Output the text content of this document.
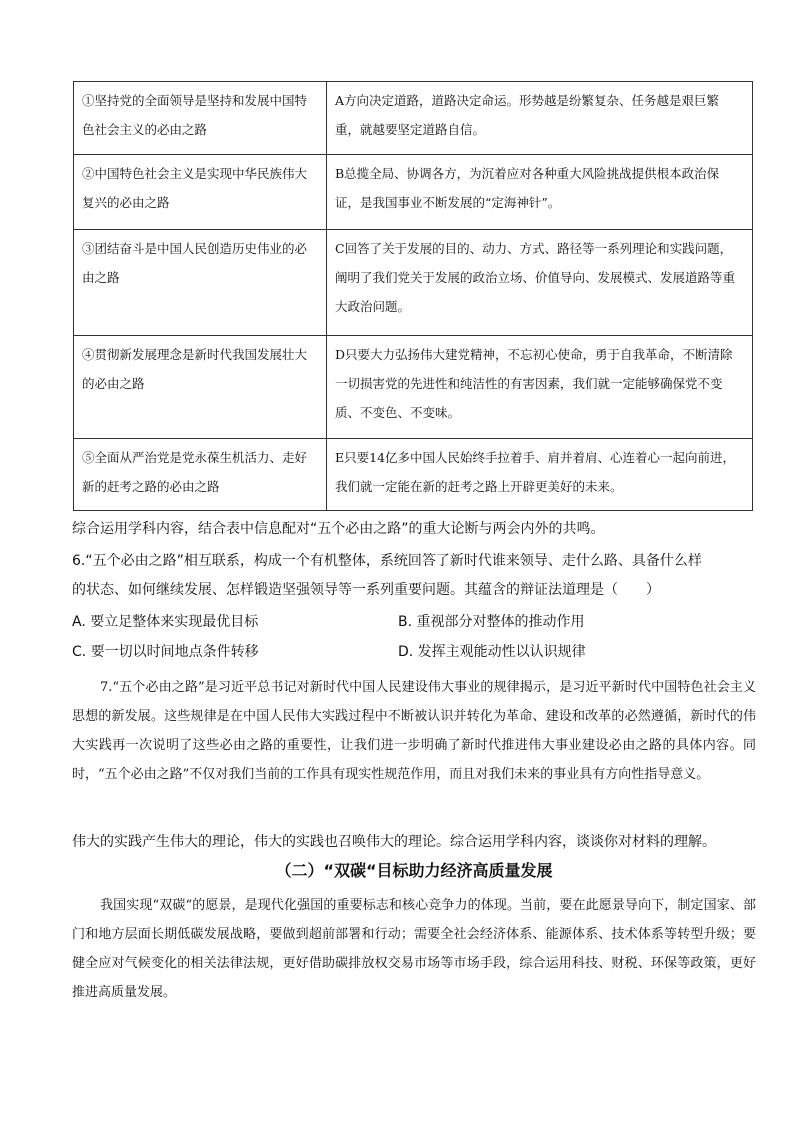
①坚持党的全面领导是坚持和发展中国特色社会主义的必由之路	A方向决定道路，道路决定命运。形势越是纷繁复杂、任务越是艰巨繁重，就越要坚定道路自信。
②中国特色社会主义是实现中华民族伟大复兴的必由之路	B总揽全局、协调各方，为沉着应对各种重大风险挑战提供根本政治保证，是我国事业不断发展的“定海神针”。
③团结奋斗是中国人民创造历史伟业的必由之路	C回答了关于发展的目的、动力、方式、路径等一系列理论和实践问题，阐明了我们党关于发展的政治立场、价值导向、发展模式、发展道路等重大政治问题。
④贯彻新发展理念是新时代我国发展壮大的必由之路	D只要大力弘扬伟大建党精神，不忘初心使命，勇于自我革命，不断清除一切损害党的先进性和纯洁性的有害因素，我们就一定能够确保党不变质、不变色、不变味。
⑤全面从严治党是党永葆生机活力、走好新的赶考之路的必由之路	E只要14亿多中国人民始终手拉着手、肩并着肩、心连着心一起向前进，我们就一定能在新的赶考之路上开辟更美好的未来。
综合运用学科内容，结合表中信息配对“五个必由之路”的重大论断与两会内外的共鸣。
6.“五个必由之路”相互联系，构成一个有机整体，系统回答了新时代谁来领导、走什么路、具备什么样
的状态、如何继续发展、怎样锻造坚强领导等一系列重要问题。其蕴含的辩证法道理是（　　）
A. 要立足整体来实现最优目标	B. 重视部分对整体的推动作用
C. 要一切以时间地点条件转移	D. 发挥主观能动性以认识规律
7.“五个必由之路”是习近平总书记对新时代中国人民建设伟大事业的规律揭示，是习近平新时代中国特色社会主义思想的新发展。这些规律是在中国人民伟大实践过程中不断被认识并转化为革命、建设和改革的必然遵循，新时代的伟大实践再一次说明了这些必由之路的重要性，让我们进一步明确了新时代推进伟大事业建设必由之路的具体内容。同时，“五个必由之路”不仅对我们当前的工作具有现实性规范作用，而且对我们未来的事业具有方向性指导意义。
伟大的实践产生伟大的理论，伟大的实践也召唤伟大的理论。综合运用学科内容，谈谈你对材料的理解。
（二）“双碳“目标助力经济高质量发展
我国实现“双碳“的愿景，是现代化强国的重要标志和核心竞争力的体现。当前，要在此愿景导向下，制定国家、部门和地方层面长期低碳发展战略，要做到超前部署和行动；需要全社会经济体系、能源体系、技术体系等转型升级；要健全应对气候变化的相关法律法规，更好借助碳排放权交易市场等市场手段，综合运用科技、财税、环保等政策，更好推进高质量发展。
